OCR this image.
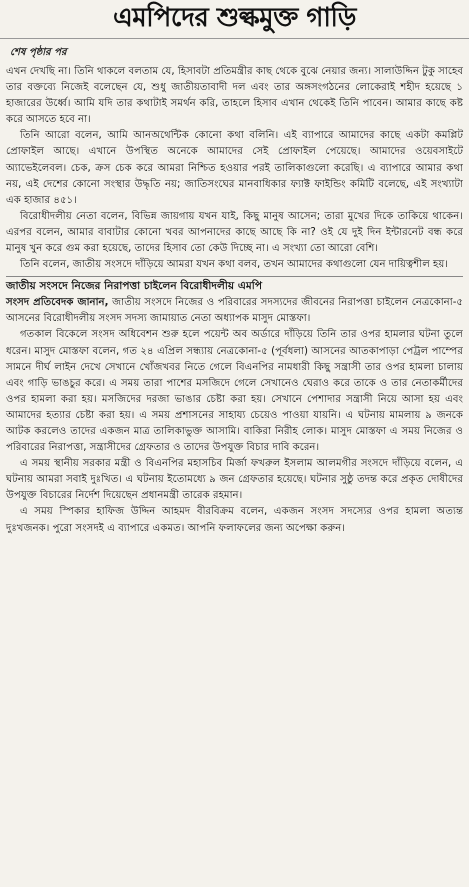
এমপিদের শুল্কমুক্ত গাড়ি
শেষ পৃষ্ঠার পর

এখন দেখছি না। তিনি থাকলে বলতাম যে, হিসাবটা প্রতিমন্ত্রীর কাছ থেকে বুঝে নেয়ার জন্য। সালাউদ্দিন টুকু সাহেব তার বক্তব্যে নিজেই বলেছেন যে, শুধু জাতীয়তাবাদী দল এবং তার অঙ্গসংগঠনের লোকেরাই শহীদ হয়েছে ১ হাজারের উর্ধ্বে। আমি যদি তার কথাটাই সমর্থন করি, তাহলে হিসাব এখান থেকেই তিনি পাবেন। আমার কাছে কষ্ট করে আসতে হবে না।

তিনি আরো বলেন, আমি আনঅথেন্টিক কোনো কথা বলিনি। এই ব্যাপারে আমাদের কাছে একটা কমপ্লিট প্রোফাইল আছে। এখানে উপস্থিত অনেকে আমাদের সেই প্রোফাইল পেয়েছে। আমাদের ওয়েবসাইটে অ্যাভেইলেবল। চেক, ক্রস চেক করে আমরা নিশ্চিত হওয়ার পরই তালিকাগুলো করেছি। এ ব্যাপারে আমার কথা নয়, এই দেশের কোনো সংস্থার উদ্ধৃতি নয়; জাতিসংঘের মানবাধিকার ফ্যাক্ট ফাইন্ডিং কমিটি বলেছে, এই সংখ্যাটা এক হাজার ৪৫১।

বিরোধীদলীয় নেতা বলেন, বিভিন্ন জায়গায় যখন যাই, কিছু মানুষ আসেন; তারা মুখের দিকে তাকিয়ে থাকেন। এরপর বলেন, আমার বাবাটার কোনো খবর আপনাদের কাছে আছে কি না? ওই যে দুই দিন ইন্টারনেট বন্ধ করে মানুষ খুন করে গুম করা হয়েছে, তাদের হিসাব তো কেউ দিচ্ছে না। এ সংখ্যা তো আরো বেশি।

তিনি বলেন, জাতীয় সংসদে দাঁড়িয়ে আমরা যখন কথা বলব, তখন আমাদের কথাগুলো যেন দায়িত্বশীল হয়।

জাতীয় সংসদে নিজের নিরাপত্তা চাইলেন বিরোধীদলীয় এমপি

সংসদ প্রতিবেদক জানান, জাতীয় সংসদে নিজের ও পরিবারের সদস্যদের জীবনের নিরাপত্তা চাইলেন নেত্রকোনা-৫ আসনের বিরোধীদলীয় সংসদ সদস্য জামায়াত নেতা অধ্যাপক মাসুদ মোস্তফা।

গতকাল বিকেলে সংসদ অধিবেশন শুরু হলে পয়েন্ট অব অর্ডারে দাঁড়িয়ে তিনি তার ওপর হামলার ঘটনা তুলে ধরেন। মাসুদ মোস্তফা বলেন, গত ২৪ এপ্রিল সন্ধ্যায় নেত্রকোনা-৫ (পূর্বধলা) আসনের আতকাপাড়া পেট্রল পাম্পের সামনে দীর্ঘ লাইন দেখে সেখানে খোঁজখবর নিতে গেলে বিএনপির নামধারী কিছু সন্ত্রাসী তার ওপর হামলা চালায় এবং গাড়ি ভাঙচুর করে। এ সময় তারা পাশের মসজিদে গেলে সেখানেও ঘেরাও করে তাকে ও তার নেতাকর্মীদের ওপর হামলা করা হয়। মসজিদের দরজা ভাঙার চেষ্টা করা হয়। সেখানে পেশাদার সন্ত্রাসী নিয়ে আসা হয় এবং আমাদের হত্যার চেষ্টা করা হয়। এ সময় প্রশাসনের সাহায্য চেয়েও পাওয়া যায়নি। এ ঘটনায় মামলায় ৯ জনকে আটক করলেও তাদের একজন মাত্র তালিকাভুক্ত আসামি। বাকিরা নিরীহ লোক। মাসুদ মোস্তফা এ সময় নিজের ও পরিবারের নিরাপত্তা, সন্ত্রাসীদের গ্রেফতার ও তাদের উপযুক্ত বিচার দাবি করেন।

এ সময় স্থানীয় সরকার মন্ত্রী ও বিএনপির মহাসচিব মির্জা ফখরুল ইসলাম আলমগীর সংসদে দাঁড়িয়ে বলেন, এ ঘটনায় আমরা সবাই দুঃখিত। এ ঘটনায় ইতোমধ্যে ৯ জন গ্রেফতার হয়েছে। ঘটনার সুষ্ঠু তদন্ত করে প্রকৃত দোষীদের উপযুক্ত বিচারের নির্দেশ দিয়েছেন প্রধানমন্ত্রী তারেক রহমান।

এ সময় স্পিকার হাফিজ উদ্দিন আহমদ বীরবিক্রম বলেন, একজন সংসদ সদস্যের ওপর হামলা অত্যন্ত দুঃখজনক। পুরো সংসদই এ ব্যাপারে একমত। আপনি ফলাফলের জন্য অপেক্ষা করুন।
